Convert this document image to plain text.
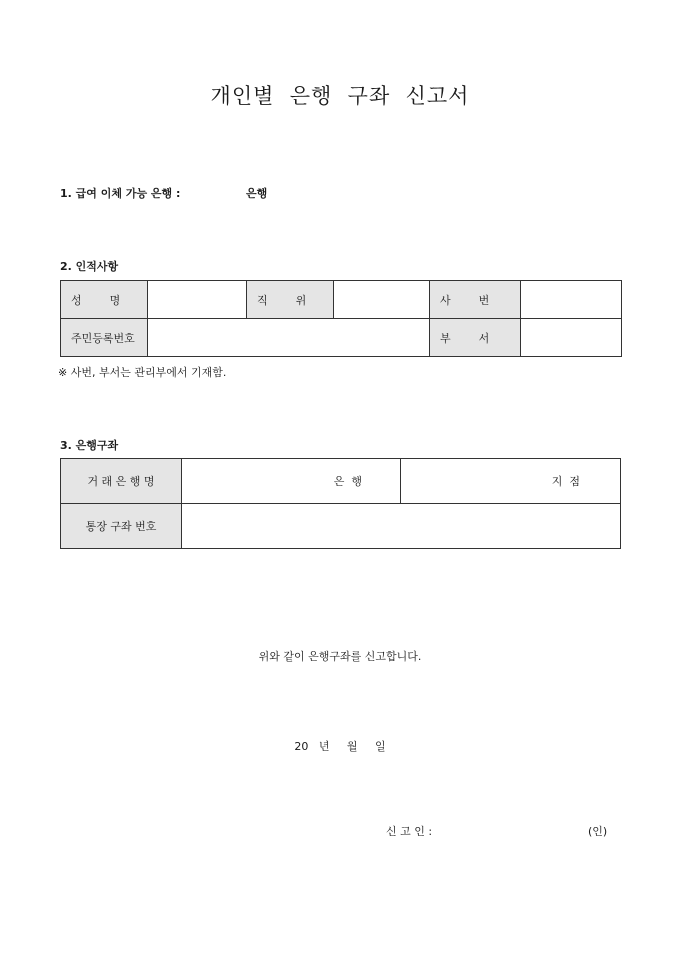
개인별  은행  구좌  신고서
1. 급여 이체 가능 은행 :	은행
2. 인적사항
성        명		직        위		사        번	
주민등록번호				부        서	
※ 사번, 부서는 관리부에서 기재함.
3. 은행구좌
거 래 은 행 명	은  행	지  점
통장 구좌 번호		
위와 같이 은행구좌를 신고합니다.
20   년     월     일
신 고 인 :	(인)
